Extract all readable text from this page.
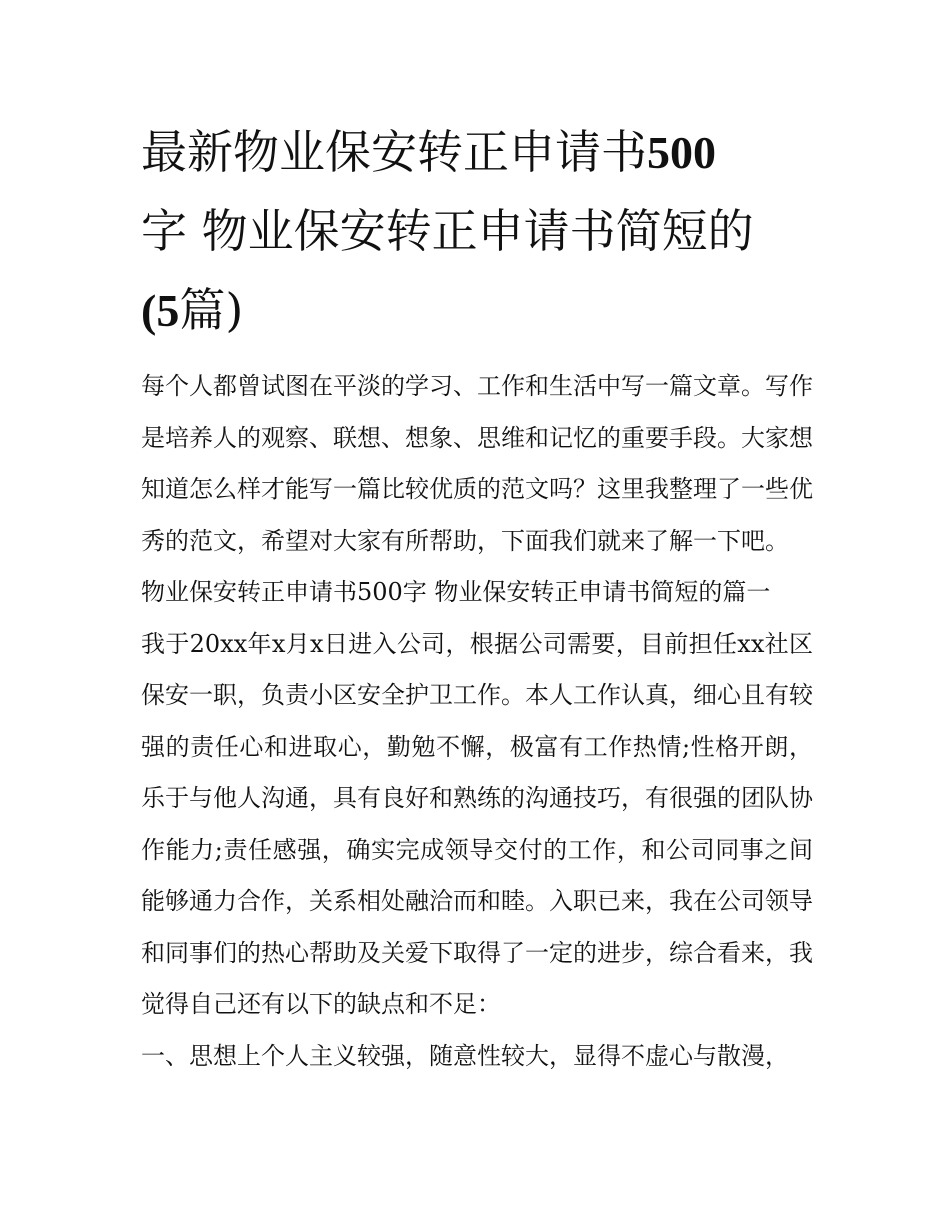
最新物业保安转正申请书500
字 物业保安转正申请书简短的
(5篇)

每个人都曾试图在平淡的学习、工作和生活中写一篇文章。写作是培养人的观察、联想、想象、思维和记忆的重要手段。大家想知道怎么样才能写一篇比较优质的范文吗？这里我整理了一些优秀的范文，希望对大家有所帮助，下面我们就来了解一下吧。

物业保安转正申请书500字 物业保安转正申请书简短的篇一

我于20xx年x月x日进入公司，根据公司需要，目前担任xx社区保安一职，负责小区安全护卫工作。本人工作认真，细心且有较强的责任心和进取心，勤勉不懈，极富有工作热情;性格开朗，乐于与他人沟通，具有良好和熟练的沟通技巧，有很强的团队协作能力;责任感强，确实完成领导交付的工作，和公司同事之间能够通力合作，关系相处融洽而和睦。入职已来，我在公司领导和同事们的热心帮助及关爱下取得了一定的进步，综合看来，我觉得自己还有以下的缺点和不足：

一、思想上个人主义较强，随意性较大，显得不虚心与散漫，
